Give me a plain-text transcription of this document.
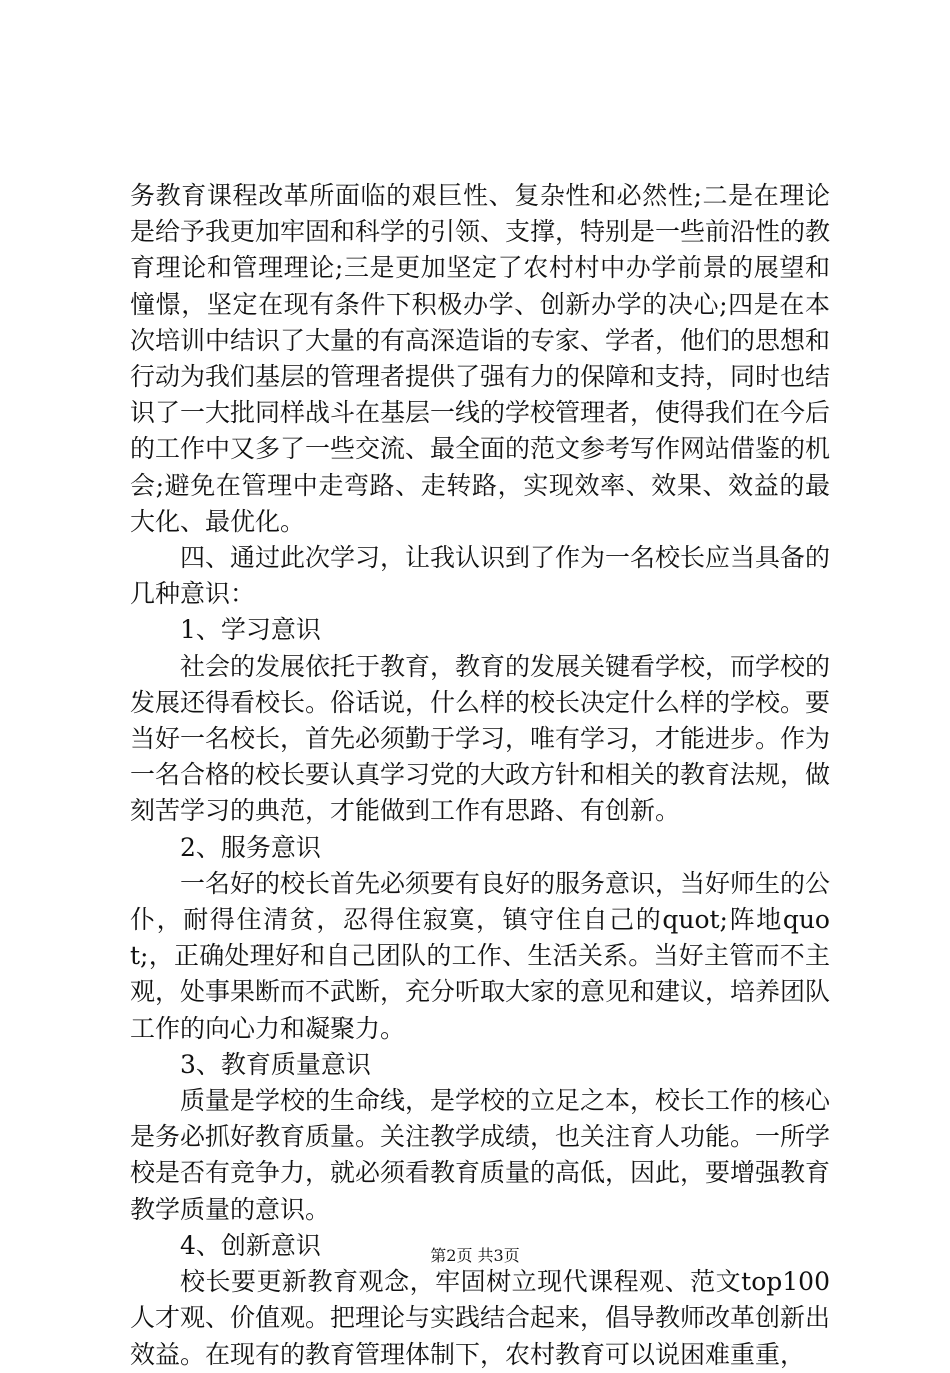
务教育课程改革所面临的艰巨性、复杂性和必然性;二是在理论是给予我更加牢固和科学的引领、支撑，特别是一些前沿性的教育理论和管理理论;三是更加坚定了农村村中办学前景的展望和憧憬，坚定在现有条件下积极办学、创新办学的决心;四是在本次培训中结识了大量的有高深造诣的专家、学者，他们的思想和行动为我们基层的管理者提供了强有力的保障和支持，同时也结识了一大批同样战斗在基层一线的学校管理者，使得我们在今后的工作中又多了一些交流、最全面的范文参考写作网站借鉴的机会;避免在管理中走弯路、走转路，实现效率、效果、效益的最大化、最优化。

四、通过此次学习，让我认识到了作为一名校长应当具备的几种意识：

1、学习意识

社会的发展依托于教育，教育的发展关键看学校，而学校的发展还得看校长。俗话说，什么样的校长决定什么样的学校。要当好一名校长，首先必须勤于学习，唯有学习，才能进步。作为一名合格的校长要认真学习党的大政方针和相关的教育法规，做刻苦学习的典范，才能做到工作有思路、有创新。

2、服务意识

一名好的校长首先必须要有良好的服务意识，当好师生的公仆，耐得住清贫，忍得住寂寞，镇守住自己的quot;阵地quot;，正确处理好和自己团队的工作、生活关系。当好主管而不主观，处事果断而不武断，充分听取大家的意见和建议，培养团队工作的向心力和凝聚力。

3、教育质量意识

质量是学校的生命线，是学校的立足之本，校长工作的核心是务必抓好教育质量。关注教学成绩，也关注育人功能。一所学校是否有竞争力，就必须看教育质量的高低，因此，要增强教育教学质量的意识。

4、创新意识

校长要更新教育观念，牢固树立现代课程观、范文top100人才观、价值观。把理论与实践结合起来，倡导教师改革创新出效益。在现有的教育管理体制下，农村教育可以说困难重重，

第2页 共3页
